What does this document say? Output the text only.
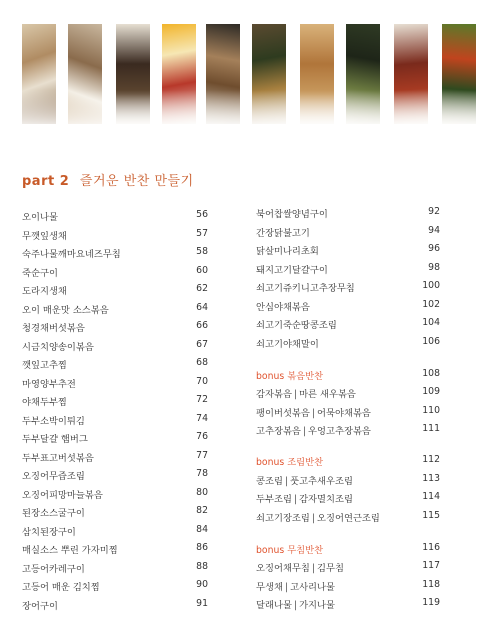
part 2 즐거운 반찬 만들기
오이나물	56
무깻잎생채	57
숙주나물깨마요네즈무침	58
죽순구이	60
도라지생채	62
오이 매운맛 소스볶음	64
청경채버섯볶음	66
시금치양송이볶음	67
깻잎고추찜	68
마영양부추전	70
야채두부찜	72
두부소박이튀김	74
두부달걀 햄버그	76
두부표고버섯볶음	77
오징어무즙조림	78
오징어피망마늘볶음	80
된장소스굴구이	82
삼치된장구이	84
매실소스 뿌린 가자미찜	86
고등어카레구이	88
고등어 매운 김치찜	90
장어구이	91
북어찹쌀양념구이	92
간장닭불고기	94
닭살미나리초회	96
돼지고기달걀구이	98
쇠고기쥬키니고추장무침	100
안심야채볶음	102
쇠고기죽순땅콩조림	104
쇠고기야채말이	106
bonus 볶음반찬	108
감자볶음 | 마른 새우볶음	109
팽이버섯볶음 | 어묵야채볶음	110
고추장볶음 | 우엉고추장볶음	111
bonus 조림반찬	112
콩조림 | 풋고추새우조림	113
두부조림 | 감자멸치조림	114
쇠고기장조림 | 오징어연근조림	115
bonus 무침반찬	116
오징어채무침 | 김무침	117
무생채 | 고사리나물	118
달래나물 | 가지나물	119
